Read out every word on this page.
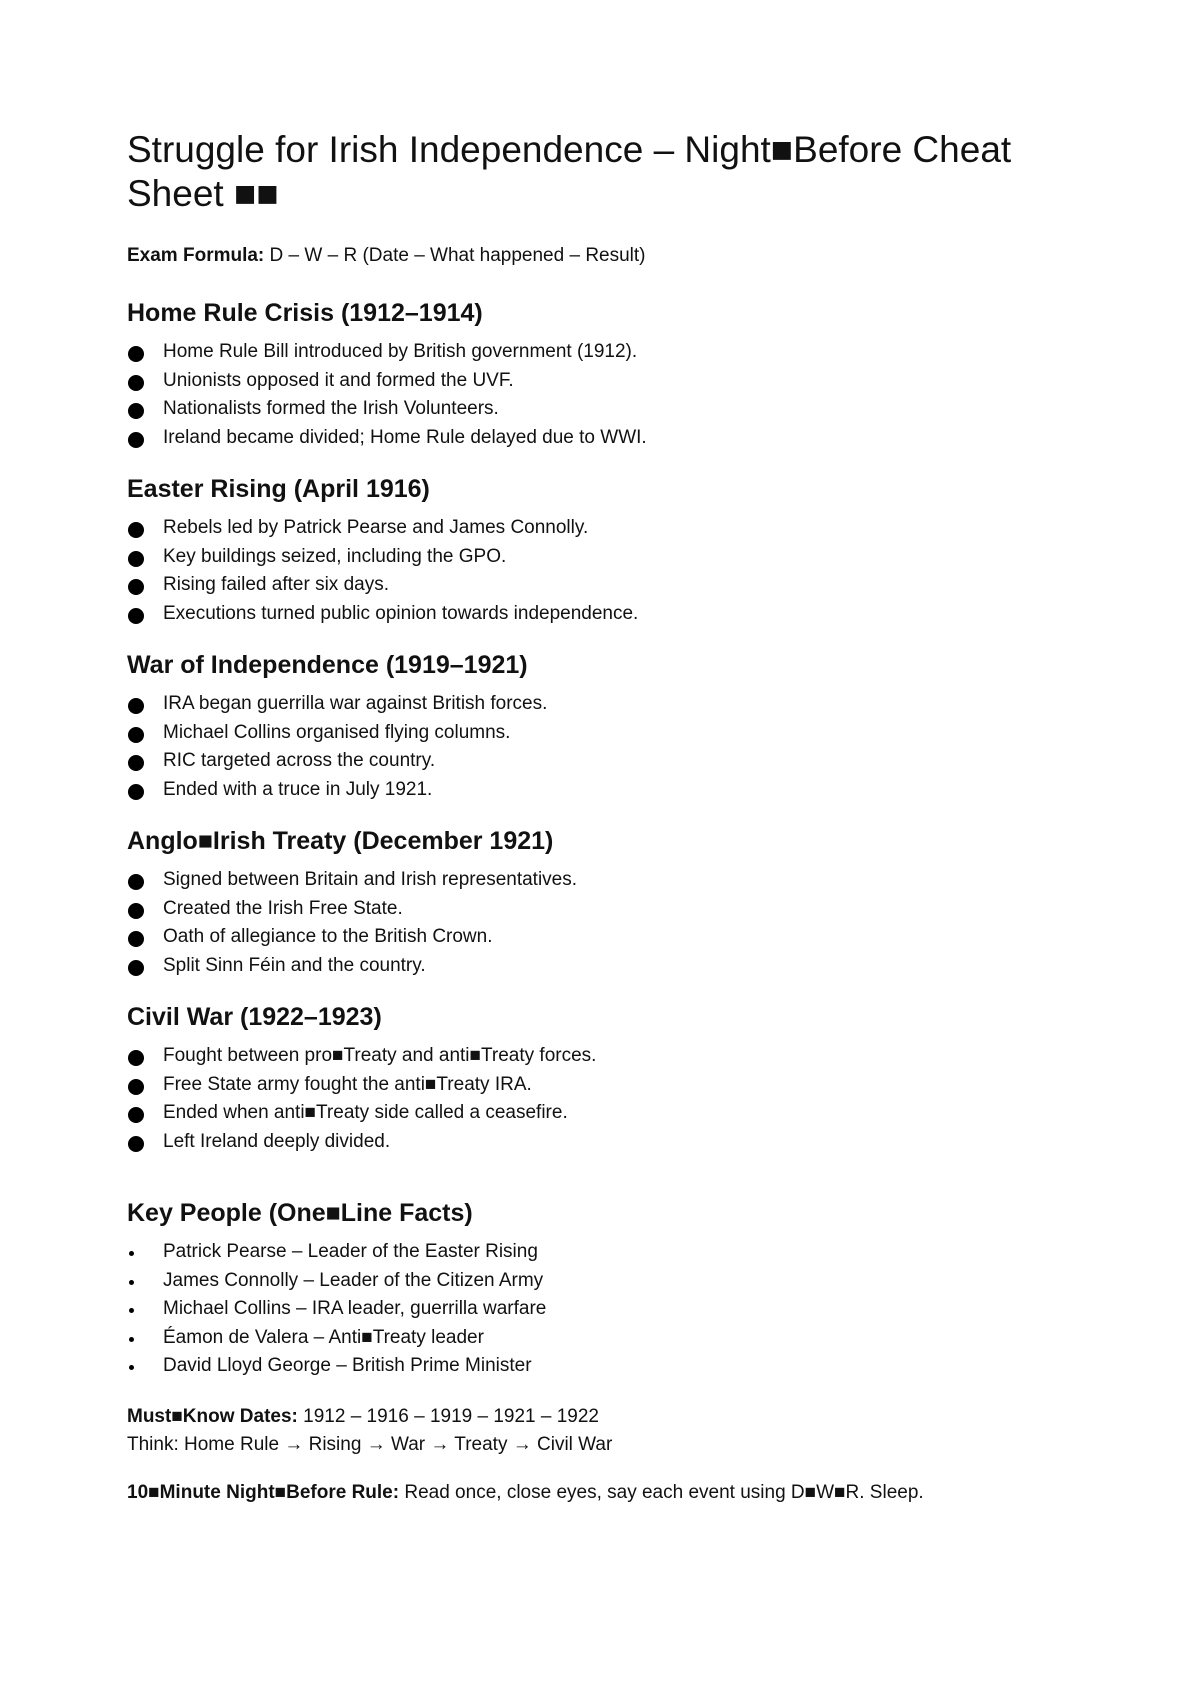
Struggle for Irish Independence – Night■Before Cheat Sheet ■■
Exam Formula: D – W – R (Date – What happened – Result)
Home Rule Crisis (1912–1914)
Home Rule Bill introduced by British government (1912).
Unionists opposed it and formed the UVF.
Nationalists formed the Irish Volunteers.
Ireland became divided; Home Rule delayed due to WWI.
Easter Rising (April 1916)
Rebels led by Patrick Pearse and James Connolly.
Key buildings seized, including the GPO.
Rising failed after six days.
Executions turned public opinion towards independence.
War of Independence (1919–1921)
IRA began guerrilla war against British forces.
Michael Collins organised flying columns.
RIC targeted across the country.
Ended with a truce in July 1921.
Anglo■Irish Treaty (December 1921)
Signed between Britain and Irish representatives.
Created the Irish Free State.
Oath of allegiance to the British Crown.
Split Sinn Féin and the country.
Civil War (1922–1923)
Fought between pro■Treaty and anti■Treaty forces.
Free State army fought the anti■Treaty IRA.
Ended when anti■Treaty side called a ceasefire.
Left Ireland deeply divided.
Key People (One■Line Facts)
Patrick Pearse – Leader of the Easter Rising
James Connolly – Leader of the Citizen Army
Michael Collins – IRA leader, guerrilla warfare
Éamon de Valera – Anti■Treaty leader
David Lloyd George – British Prime Minister
Must■Know Dates: 1912 – 1916 – 1919 – 1921 – 1922
Think: Home Rule → Rising → War → Treaty → Civil War
10■Minute Night■Before Rule: Read once, close eyes, say each event using D■W■R. Sleep.
